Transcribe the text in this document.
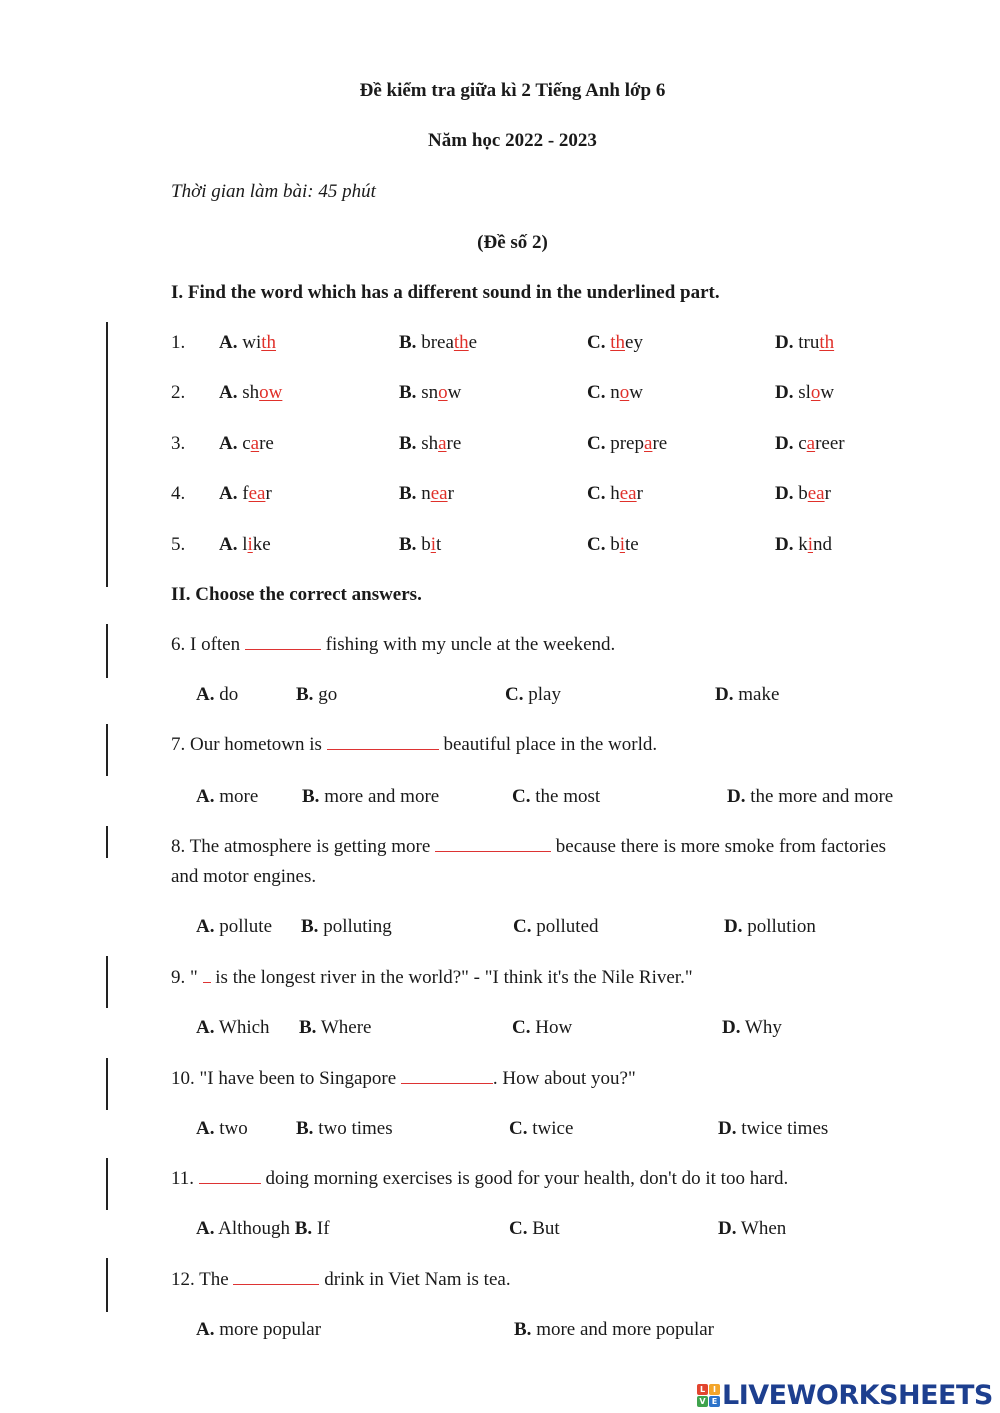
Đề kiểm tra giữa kì 2 Tiếng Anh lớp 6
Năm học 2022 - 2023
Thời gian làm bài: 45 phút
(Đề số 2)
I. Find the word which has a different sound in the underlined part.
1. A. with	B. breathe	C. they	D. truth
2. A. show	B. snow	C. now	D. slow
3. A. care	B. share	C. prepare	D. career
4. A. fear	B. near	C. hear	D. bear
5. A. like	B. bit	C. bite	D. kind
II. Choose the correct answers.
6. I often	fishing with my uncle at the weekend.
A. do	B. go	C. play	D. make
7. Our hometown is	beautiful place in the world.
A. more B. more and more	C. the most	D. the more and more
8. The atmosphere is getting more	because there is more smoke from factories
and motor engines.
A. pollute B. polluting	C. polluted	D. pollution
9. "  is the longest river in the world?" - "I think it's the Nile River."
A. Which B. Where	C. How	D. Why
10. "I have been to Singapore	. How about you?"
A. two	B. two times	C. twice	D. twice times
11.	doing morning exercises is good for your health, don't do it too hard.
A. Although B. If	C. But	D. When
12. The	drink in Viet Nam is tea.
A. more popular	B. more and more popular
L I
V E LIVEWORKSHEETS
